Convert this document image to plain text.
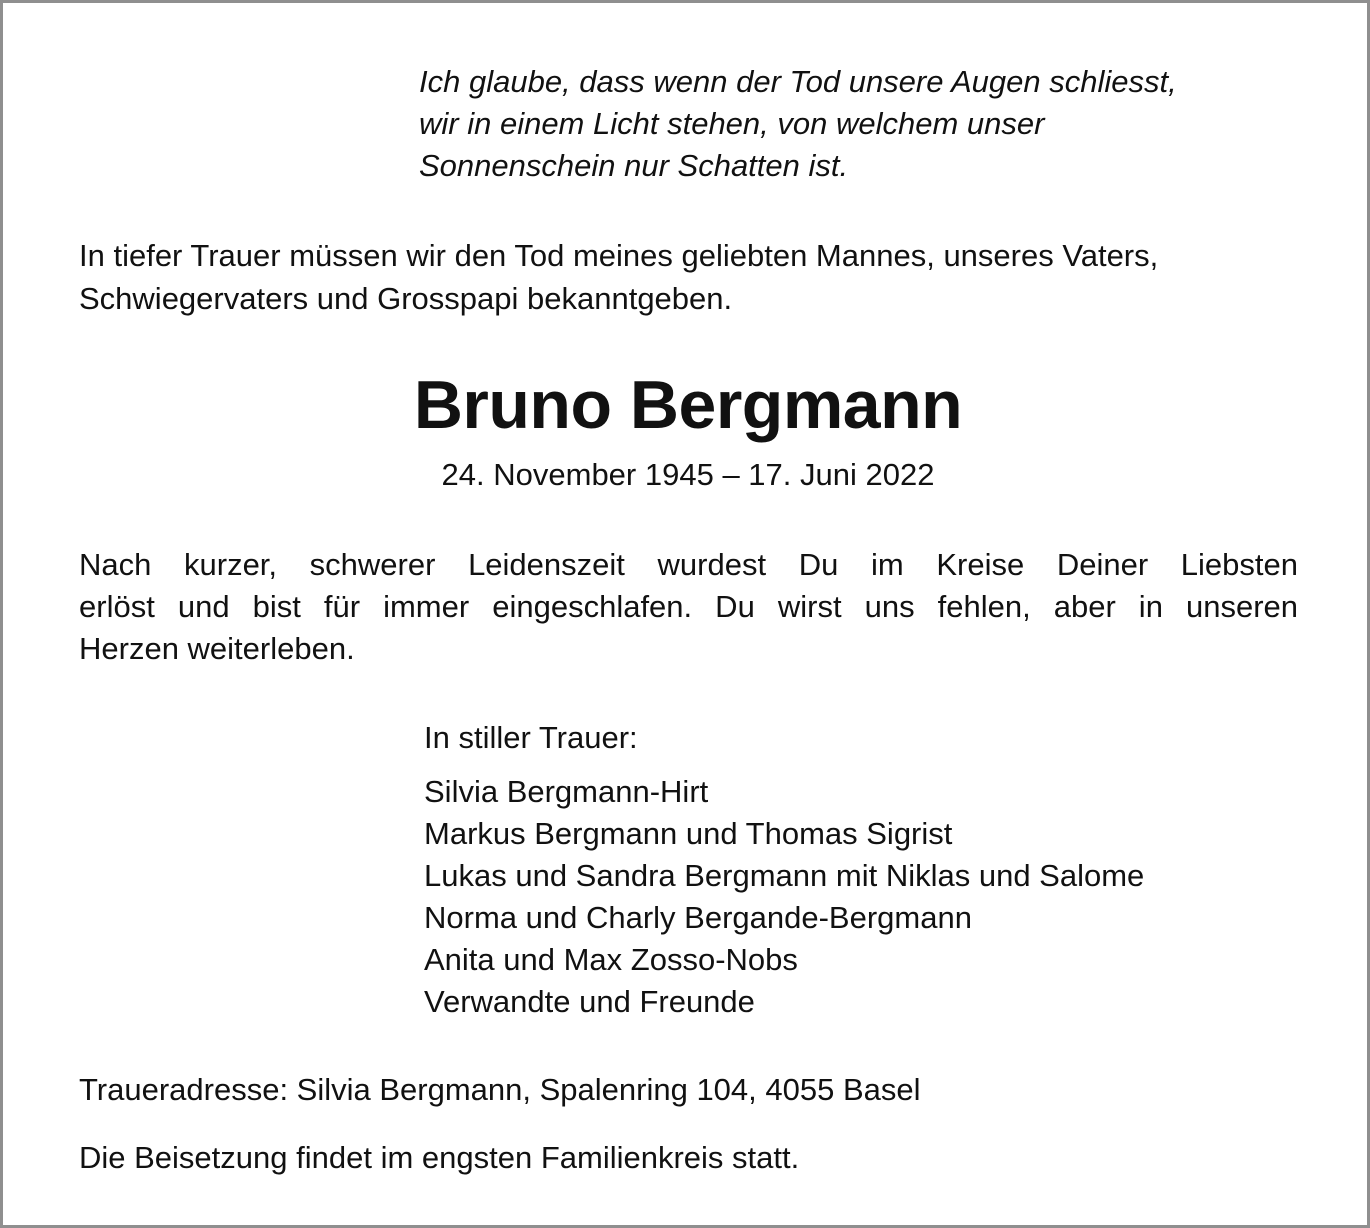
Ich glaube, dass wenn der Tod unsere Augen schliesst,
wir in einem Licht stehen, von welchem unser
Sonnenschein nur Schatten ist.

In tiefer Trauer müssen wir den Tod meines geliebten Mannes, unseres Vaters,
Schwiegervaters und Grosspapi bekanntgeben.

Bruno Bergmann

24. November 1945 – 17. Juni 2022

Nach kurzer, schwerer Leidenszeit wurdest Du im Kreise Deiner Liebsten
erlöst und bist für immer eingeschlafen. Du wirst uns fehlen, aber in unseren
Herzen weiterleben.

In stiller Trauer:

Silvia Bergmann-Hirt
Markus Bergmann und Thomas Sigrist
Lukas und Sandra Bergmann mit Niklas und Salome
Norma und Charly Bergande-Bergmann
Anita und Max Zosso-Nobs
Verwandte und Freunde

Traueradresse: Silvia Bergmann, Spalenring 104, 4055 Basel

Die Beisetzung findet im engsten Familienkreis statt.
